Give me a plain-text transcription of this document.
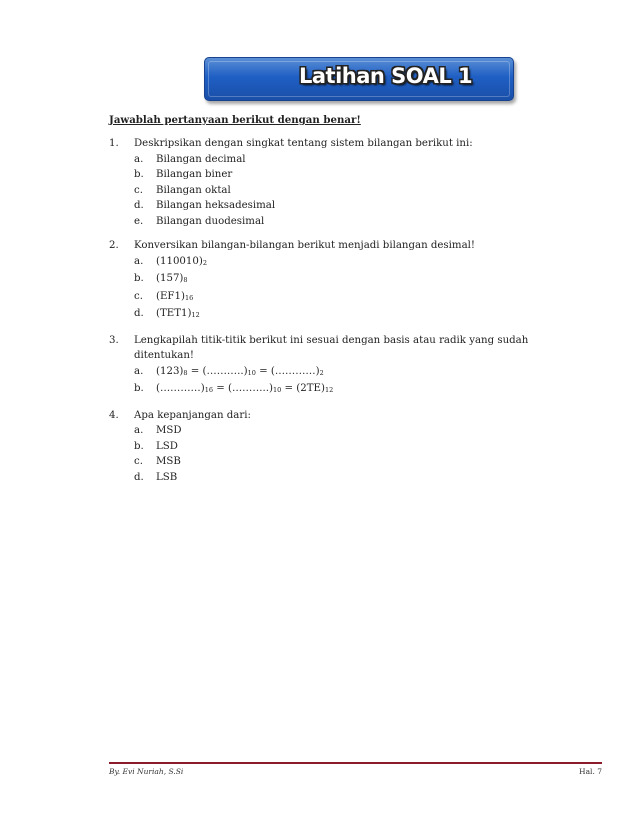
Latihan SOAL 1
Jawablah pertanyaan berikut dengan benar!
1. Deskripsikan dengan singkat tentang sistem bilangan berikut ini:
a. Bilangan decimal
b. Bilangan biner
c. Bilangan oktal
d. Bilangan heksadesimal
e. Bilangan duodesimal
2. Konversikan bilangan-bilangan berikut menjadi bilangan desimal!
a. $(110010)_2$
b. $(157)_8$
c. $(EF1)_{16}$
d. $(TET1)_{12}$
3. Lengkapilah titik-titik berikut ini sesuai dengan basis atau radik yang sudah ditentukan!
a. $(123)_8$ = $(\dots\dots\dots..)_{10}$ = $(\dots\dots\dots\dots)_2$
b. $(\dots\dots\dots\dots)_{16}$ = $(\dots\dots\dots..)_{10} = (2TE)_{12}$
4. Apa kepanjangan dari:
a. MSD
b. LSD
c. MSB
d. LSB
By. Evi Nuriah, S.Si	Hal. 7
